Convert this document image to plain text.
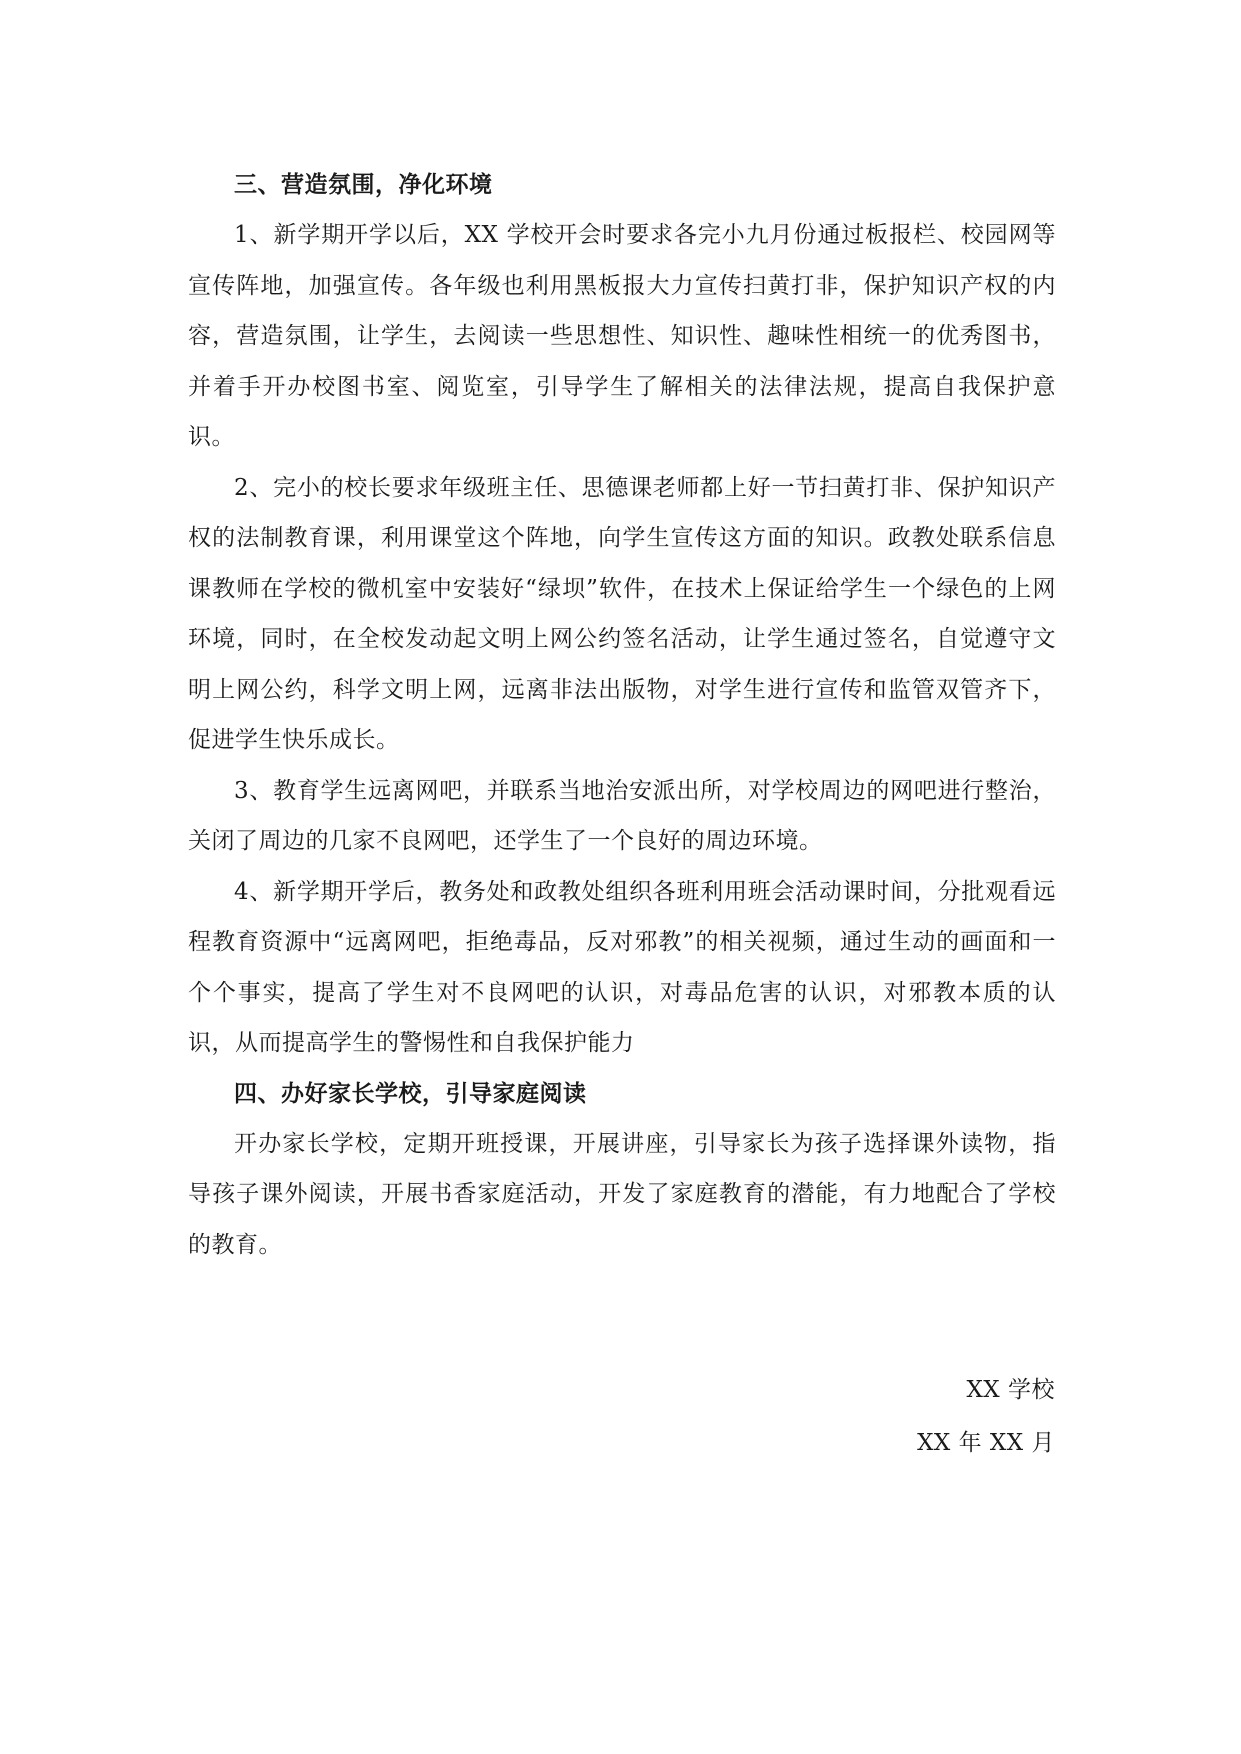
三、营造氛围，净化环境

1、新学期开学以后，XX 学校开会时要求各完小九月份通过板报栏、校园网等宣传阵地，加强宣传。各年级也利用黑板报大力宣传扫黄打非，保护知识产权的内容，营造氛围，让学生，去阅读一些思想性、知识性、趣味性相统一的优秀图书，并着手开办校图书室、阅览室，引导学生了解相关的法律法规，提高自我保护意识。

2、完小的校长要求年级班主任、思德课老师都上好一节扫黄打非、保护知识产权的法制教育课，利用课堂这个阵地，向学生宣传这方面的知识。政教处联系信息课教师在学校的微机室中安装好“绿坝”软件，在技术上保证给学生一个绿色的上网环境，同时，在全校发动起文明上网公约签名活动，让学生通过签名，自觉遵守文明上网公约，科学文明上网，远离非法出版物，对学生进行宣传和监管双管齐下，促进学生快乐成长。

3、教育学生远离网吧，并联系当地治安派出所，对学校周边的网吧进行整治，关闭了周边的几家不良网吧，还学生了一个良好的周边环境。

4、新学期开学后，教务处和政教处组织各班利用班会活动课时间，分批观看远程教育资源中“远离网吧，拒绝毒品，反对邪教”的相关视频，通过生动的画面和一个个事实，提高了学生对不良网吧的认识，对毒品危害的认识，对邪教本质的认识，从而提高学生的警惕性和自我保护能力

四、办好家长学校，引导家庭阅读

开办家长学校，定期开班授课，开展讲座，引导家长为孩子选择课外读物，指导孩子课外阅读，开展书香家庭活动，开发了家庭教育的潜能，有力地配合了学校的教育。

XX 学校
XX 年 XX 月
